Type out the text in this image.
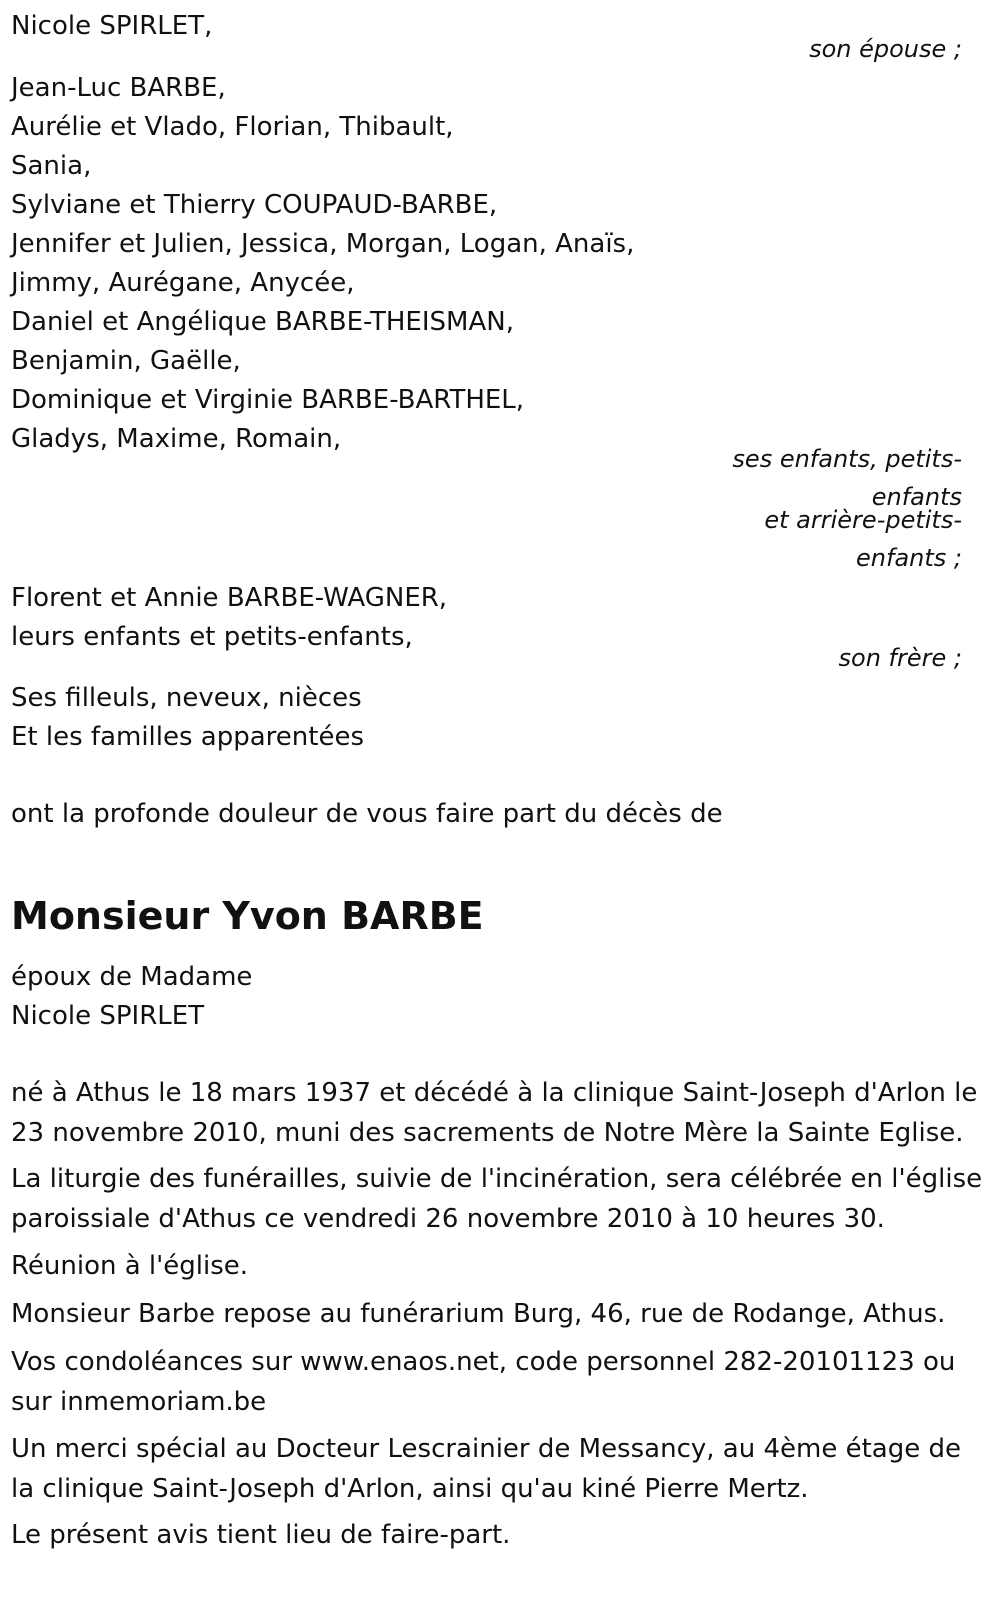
Nicole SPIRLET,
son épouse ;
Jean-Luc BARBE,
Aurélie et Vlado, Florian, Thibault,
Sania,
Sylviane et Thierry COUPAUD-BARBE,
Jennifer et Julien, Jessica, Morgan, Logan, Anaïs,
Jimmy, Aurégane, Anycée,
Daniel et Angélique BARBE-THEISMAN,
Benjamin, Gaëlle,
Dominique et Virginie BARBE-BARTHEL,
Gladys, Maxime, Romain,
ses enfants, petits-
enfants
et arrière-petits-
enfants ;
Florent et Annie BARBE-WAGNER,
leurs enfants et petits-enfants,
son frère ;
Ses filleuls, neveux, nièces
Et les familles apparentées
ont la profonde douleur de vous faire part du décès de
Monsieur Yvon BARBE
époux de Madame
Nicole SPIRLET
né à Athus le 18 mars 1937 et décédé à la clinique Saint-Joseph d'Arlon le 23 novembre 2010, muni des sacrements de Notre Mère la Sainte Eglise.
La liturgie des funérailles, suivie de l'incinération, sera célébrée en l'église paroissiale d'Athus ce vendredi 26 novembre 2010 à 10 heures 30.
Réunion à l'église.
Monsieur Barbe repose au funérarium Burg, 46, rue de Rodange, Athus.
Vos condoléances sur www.enaos.net, code personnel 282-20101123 ou sur inmemoriam.be
Un merci spécial au Docteur Lescrainier de Messancy, au 4ème étage de la clinique Saint-Joseph d'Arlon, ainsi qu'au kiné Pierre Mertz.
Le présent avis tient lieu de faire-part.
